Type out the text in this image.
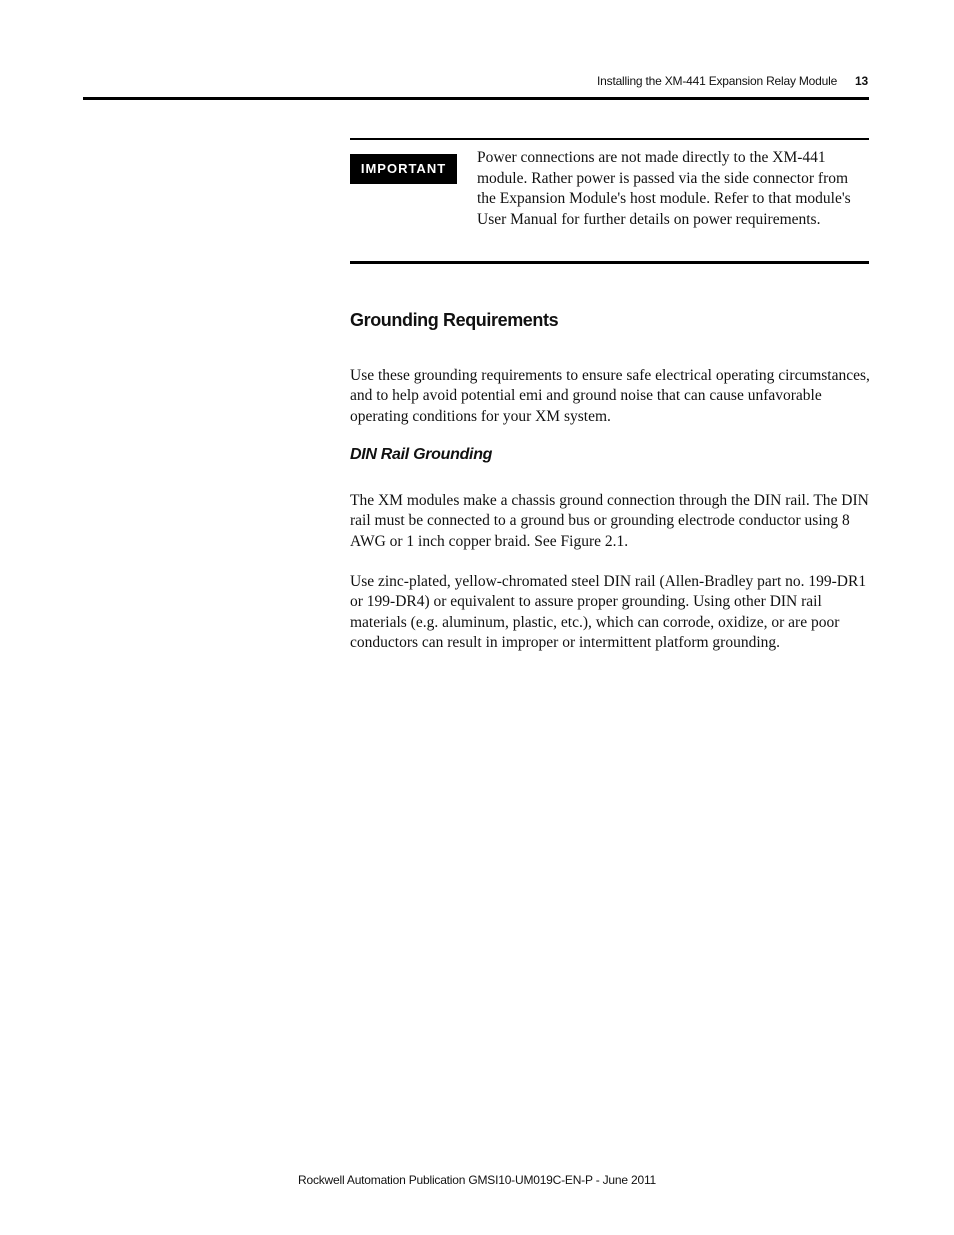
Installing the XM-441 Expansion Relay Module 13
IMPORTANT
Power connections are not made directly to the XM-441 module. Rather power is passed via the side connector from the Expansion Module's host module. Refer to that module's User Manual for further details on power requirements.
Grounding Requirements

Use these grounding requirements to ensure safe electrical operating circumstances, and to help avoid potential emi and ground noise that can cause unfavorable operating conditions for your XM system.

DIN Rail Grounding

The XM modules make a chassis ground connection through the DIN rail. The DIN rail must be connected to a ground bus or grounding electrode conductor using 8 AWG or 1 inch copper braid. See Figure 2.1.

Use zinc-plated, yellow-chromated steel DIN rail (Allen-Bradley part no. 199-DR1 or 199-DR4) or equivalent to assure proper grounding. Using other DIN rail materials (e.g. aluminum, plastic, etc.), which can corrode, oxidize, or are poor conductors can result in improper or intermittent platform grounding.

Rockwell Automation Publication GMSI10-UM019C-EN-P - June 2011
